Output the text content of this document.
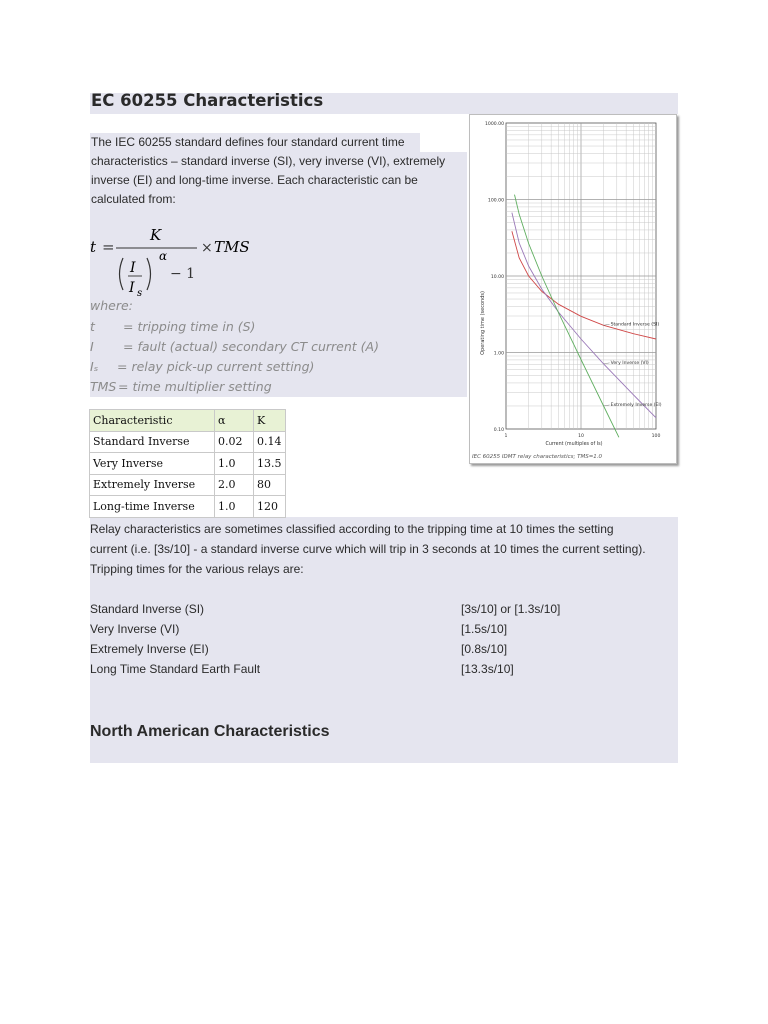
EC 60255 Characteristics
The IEC 60255 standard defines four standard current time
characteristics – standard inverse (SI), very inverse (VI), extremely
inverse (EI) and long-time inverse. Each characteristic can be
calculated from:
t =
K
I
I s
α
− 1
× TMS
where:
t = tripping time in (S)
I = fault (actual) secondary CT current (A)
Iₛ = relay pick-up current setting)
TMS = time multiplier setting
Characteristic	α	K
Standard Inverse	0.02	0.14
Very Inverse	1.0	13.5
Extremely Inverse	2.0	80
Long-time Inverse	1.0	120
1000.00
100.00
10.00
1.00
0.10
1	10	100
Standard Inverse (SI)
Very Inverse (VI)
Extremely Inverse (EI)
Operating time (seconds)
Current (multiples of Is)
IEC 60255 IDMT relay characteristics; TMS=1.0
Relay characteristics are sometimes classified according to the tripping time at 10 times the setting
current (i.e. [3s/10] - a standard inverse curve which will trip in 3 seconds at 10 times the current setting).
Tripping times for the various relays are:
Standard Inverse (SI)	[3s/10] or [1.3s/10]
Very Inverse (VI)	[1.5s/10]
Extremely Inverse (EI)	[0.8s/10]
Long Time Standard Earth Fault	[13.3s/10]
North American Characteristics
